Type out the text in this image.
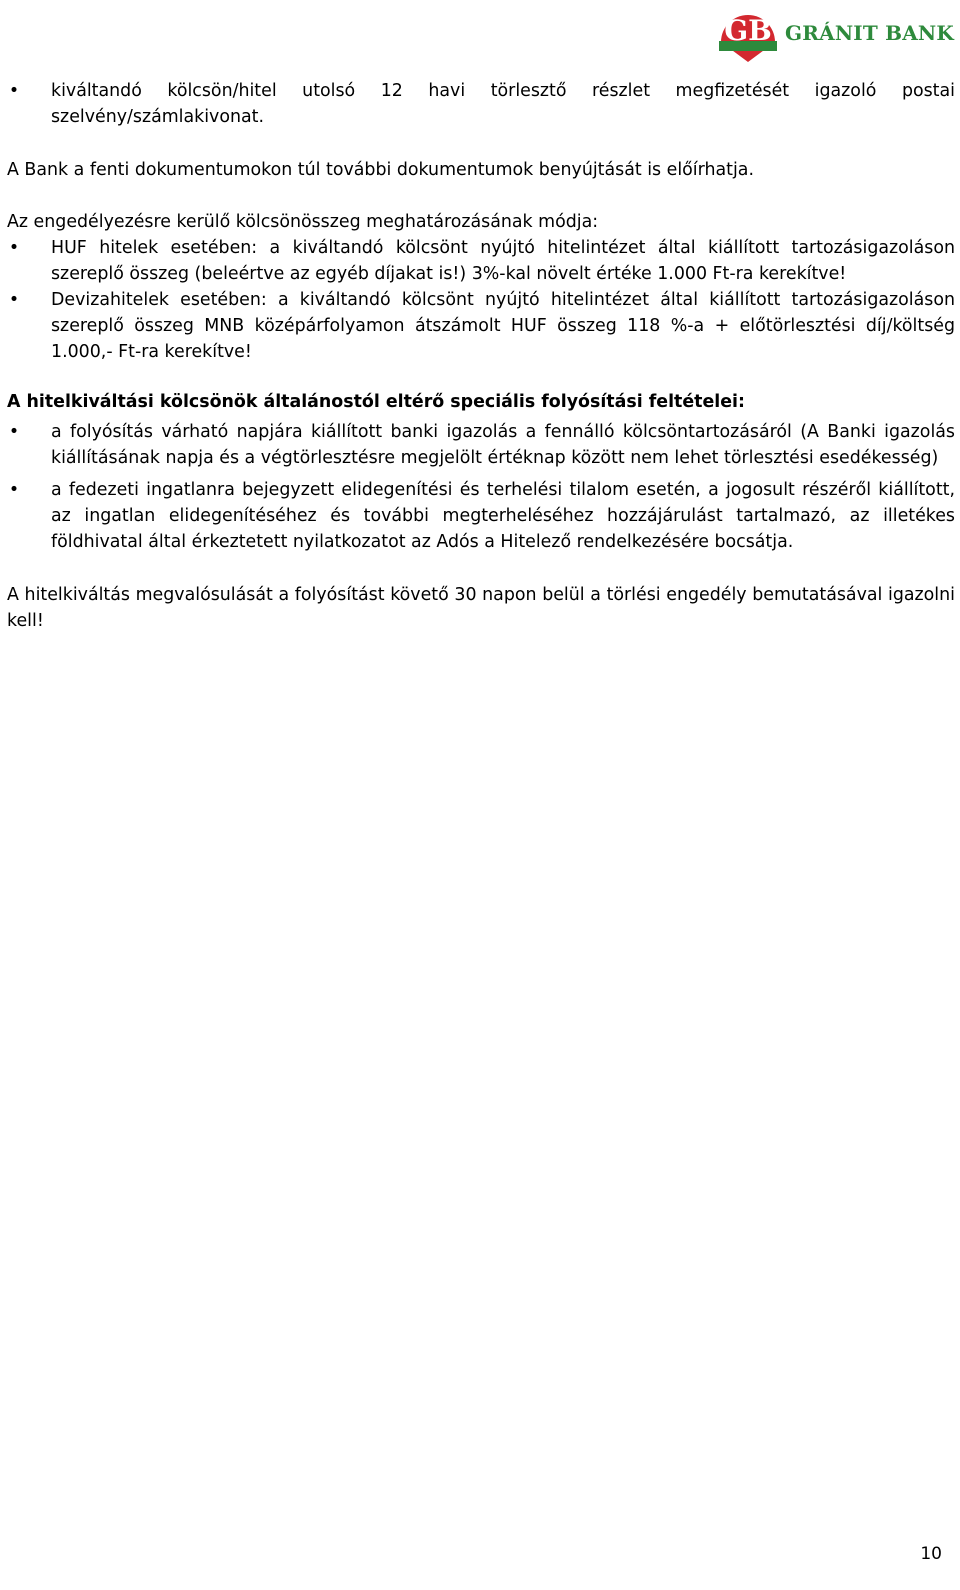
GB GRÁNIT BANK
• kiváltandó kölcsön/hitel utolsó 12 havi törlesztő részlet megfizetését igazoló postai szelvény/számlakivonat.

A Bank a fenti dokumentumokon túl további dokumentumok benyújtását is előírhatja.

Az engedélyezésre kerülő kölcsönösszeg meghatározásának módja:

• HUF hitelek esetében: a kiváltandó kölcsönt nyújtó hitelintézet által kiállított tartozásigazoláson szereplő összeg (beleértve az egyéb díjakat is!) 3%-kal növelt értéke 1.000 Ft-ra kerekítve!
• Devizahitelek esetében: a kiváltandó kölcsönt nyújtó hitelintézet által kiállított tartozásigazoláson szereplő összeg MNB középárfolyamon átszámolt HUF összeg 118 %-a + előtörlesztési díj/költség 1.000,- Ft-ra kerekítve!

A hitelkiváltási kölcsönök általánostól eltérő speciális folyósítási feltételei:

• a folyósítás várható napjára kiállított banki igazolás a fennálló kölcsöntartozásáról (A Banki igazolás kiállításának napja és a végtörlesztésre megjelölt értéknap között nem lehet törlesztési esedékesség)
• a fedezeti ingatlanra bejegyzett elidegenítési és terhelési tilalom esetén, a jogosult részéről kiállított, az ingatlan elidegenítéséhez és további megterheléséhez hozzájárulást tartalmazó, az illetékes földhivatal által érkeztetett nyilatkozatot az Adós a Hitelező rendelkezésére bocsátja.

A hitelkiváltás megvalósulását a folyósítást követő 30 napon belül a törlési engedély bemutatásával igazolni kell!

10
